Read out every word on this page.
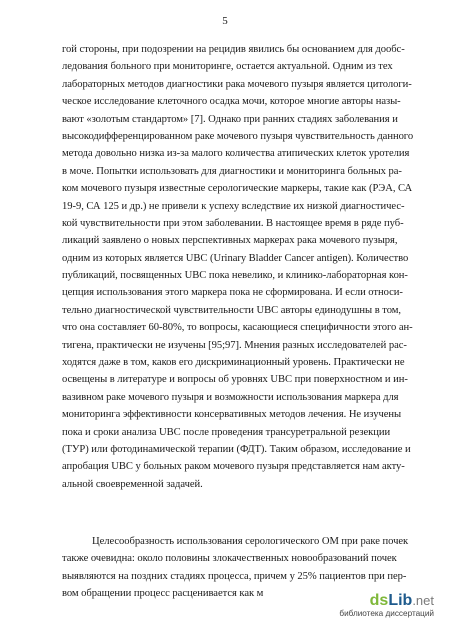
5
гой стороны, при подозрении на рецидив явились бы основанием для дообс-
ледования больного при мониторинге, остается актуальной. Одним из тех
лабораторных методов диагностики рака мочевого пузыря является цитологи-
ческое исследование клеточного осадка мочи, которое многие авторы назы-
вают «золотым стандартом» [7]. Однако при ранних стадиях заболевания и
высокодифференцированном раке мочевого пузыря чувствительность данного
метода довольно низка из-за малого количества атипических клеток уротелия
в моче. Попытки использовать для диагностики и мониторинга больных ра-
ком мочевого пузыря известные серологические маркеры, такие как (РЭА, СА
19-9, СА 125 и др.) не привели к успеху вследствие их низкой диагностичес-
кой чувствительности при этом заболевании. В настоящее время в ряде пуб-
ликаций заявлено о новых перспективных маркерах рака мочевого пузыря,
одним из которых является UBC (Urinary Bladder Cancer antigen). Количество
публикаций, посвященных UBC пока невелико, и клинико-лабораторная кон-
цепция использования этого маркера пока не сформирована. И если относи-
тельно диагностической чувствительности UBC авторы единодушны в том,
что она составляет 60-80%, то вопросы, касающиеся специфичности этого ан-
тигена, практически не изучены [95;97]. Мнения разных исследователей рас-
ходятся даже в том, каков его дискриминационный уровень. Практически не
освещены в литературе и вопросы об уровнях UBC при поверхностном и ин-
вазивном раке мочевого пузыря и возможности использования маркера для
мониторинга эффективности консервативных методов лечения. Не изучены
пока и сроки анализа UBC после проведения трансуретральной резекции
(ТУР) или фотодинамической терапии (ФДТ). Таким образом, исследование и
апробация UBC у больных раком мочевого пузыря представляется нам акту-
альной своевременной задачей.
Целесообразность использования серологического ОМ при раке почек
также очевидна: около половины злокачественных новообразований почек
выявляются на поздних стадиях процесса, причем у 25% пациентов при пер-
вом обращении процесс расценивается как м	dsLib.net
библиотека диссертаций
